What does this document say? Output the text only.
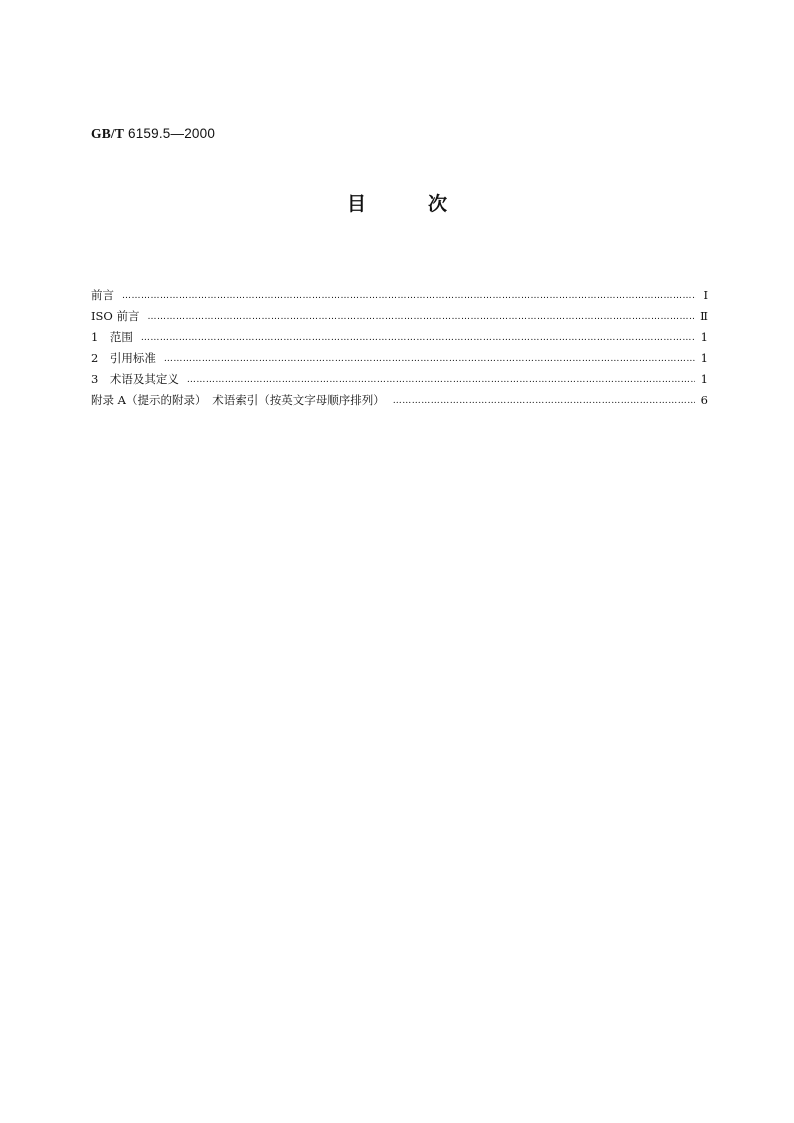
GB/T 6159.5—2000
目次
前言 ……………………………………………………………………………………………………………………………………………………………………………………………………………………………………………………	Ⅰ
ISO 前言 ……………………………………………………………………………………………………………………………………………………………………………………………………………………………………………………	Ⅱ
1　范围 ……………………………………………………………………………………………………………………………………………………………………………………………………………………………………………………	1
2　引用标准 ……………………………………………………………………………………………………………………………………………………………………………………………………………………………………………………	1
3　术语及其定义 ……………………………………………………………………………………………………………………………………………………………………………………………………………………………………………………	1
附录 A（提示的附录）　术语索引（按英文字母顺序排列） ……………………………………………………………………………………………………………………………………………………………………………………………………………………………………………………	6
